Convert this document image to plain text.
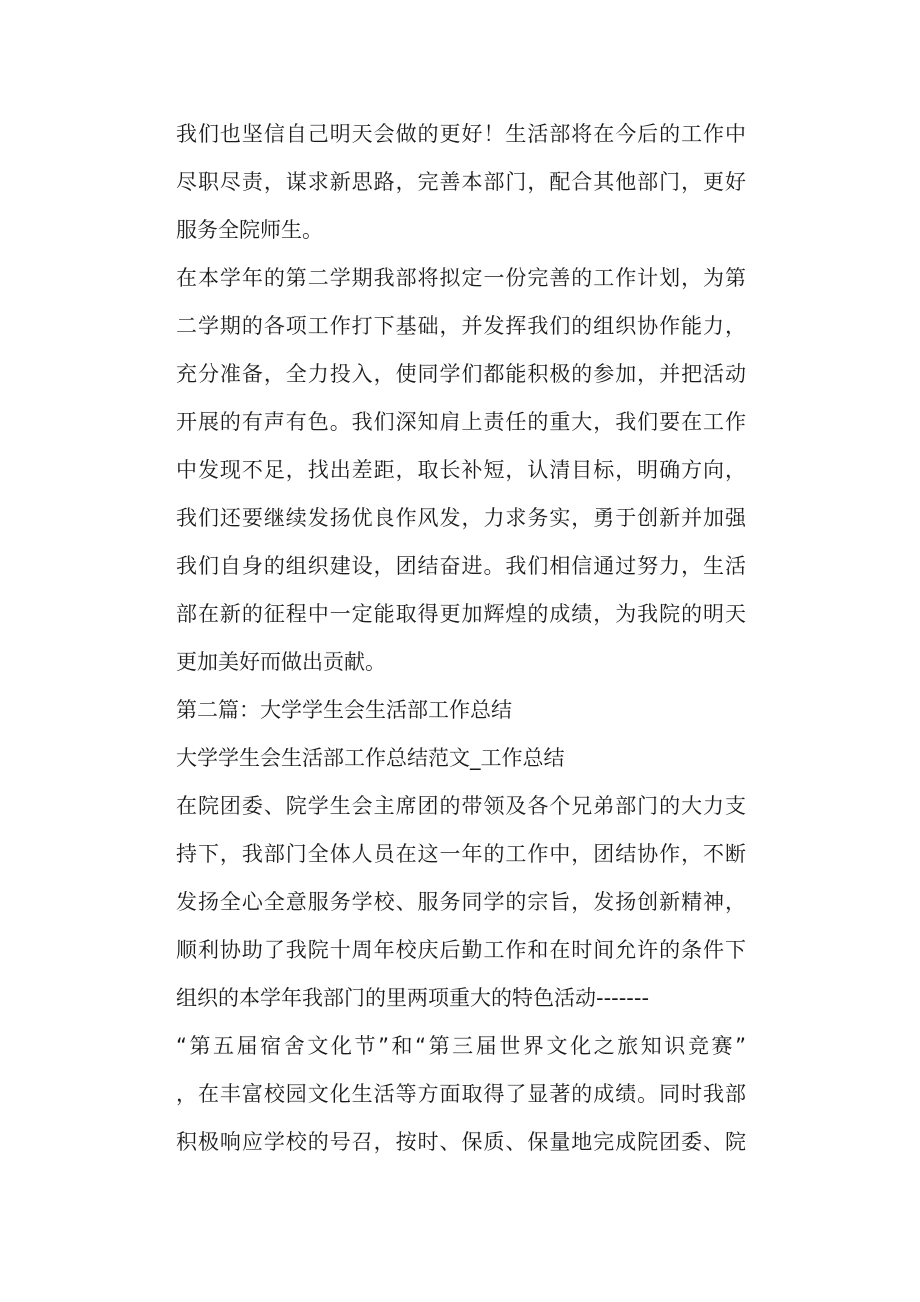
我们也坚信自己明天会做的更好！生活部将在今后的工作中
尽职尽责，谋求新思路，完善本部门，配合其他部门，更好
服务全院师生。
在本学年的第二学期我部将拟定一份完善的工作计划，为第
二学期的各项工作打下基础，并发挥我们的组织协作能力，
充分准备，全力投入，使同学们都能积极的参加，并把活动
开展的有声有色。我们深知肩上责任的重大，我们要在工作
中发现不足，找出差距，取长补短，认清目标，明确方向，
我们还要继续发扬优良作风发，力求务实，勇于创新并加强
我们自身的组织建设，团结奋进。我们相信通过努力，生活
部在新的征程中一定能取得更加辉煌的成绩，为我院的明天
更加美好而做出贡献。
第二篇：大学学生会生活部工作总结
大学学生会生活部工作总结范文_工作总结
在院团委、院学生会主席团的带领及各个兄弟部门的大力支
持下，我部门全体人员在这一年的工作中，团结协作，不断
发扬全心全意服务学校、服务同学的宗旨，发扬创新精神，
顺利协助了我院十周年校庆后勤工作和在时间允许的条件下
组织的本学年我部门的里两项重大的特色活动-------
“第五届宿舍文化节”和“第三届世界文化之旅知识竞赛”
，在丰富校园文化生活等方面取得了显著的成绩。同时我部
积极响应学校的号召，按时、保质、保量地完成院团委、院
